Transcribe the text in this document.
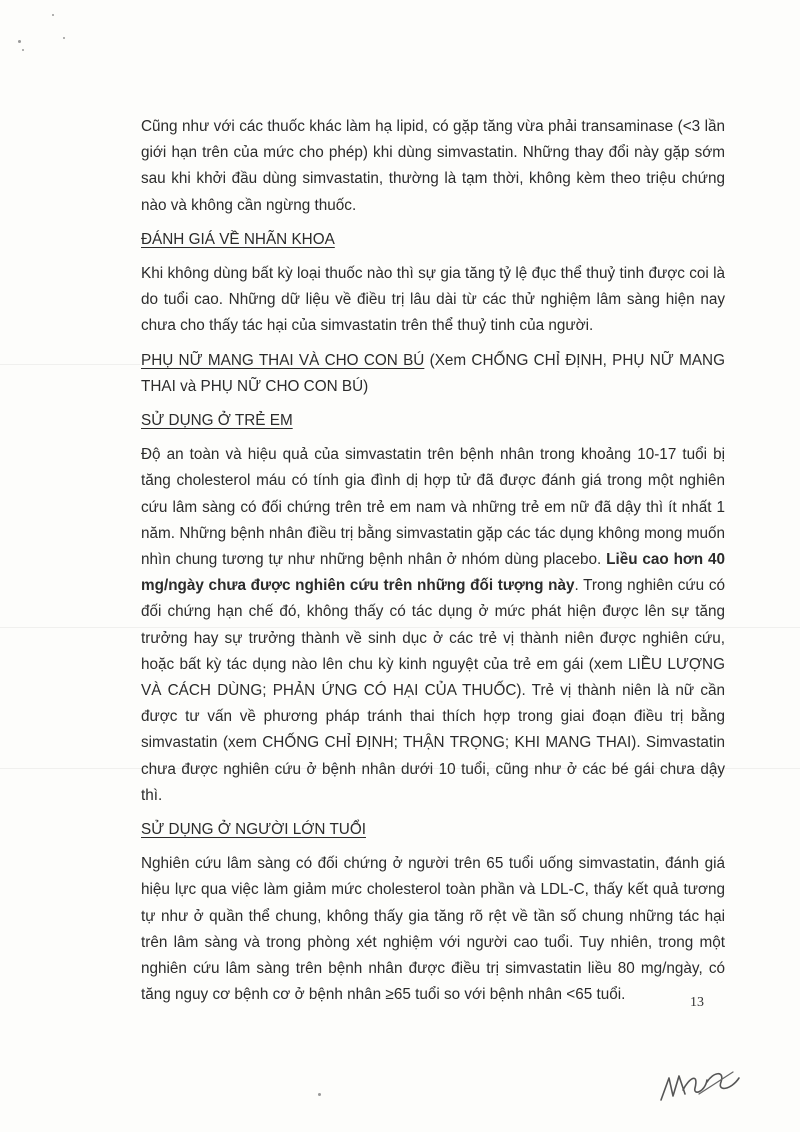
Cũng như với các thuốc khác làm hạ lipid, có gặp tăng vừa phải transaminase (<3 lần giới hạn trên của mức cho phép) khi dùng simvastatin. Những thay đổi này gặp sớm sau khi khởi đầu dùng simvastatin, thường là tạm thời, không kèm theo triệu chứng nào và không cần ngừng thuốc.

ĐÁNH GIÁ VỀ NHÃN KHOA

Khi không dùng bất kỳ loại thuốc nào thì sự gia tăng tỷ lệ đục thể thuỷ tinh được coi là do tuổi cao. Những dữ liệu về điều trị lâu dài từ các thử nghiệm lâm sàng hiện nay chưa cho thấy tác hại của simvastatin trên thể thuỷ tinh của người.

PHỤ NỮ MANG THAI VÀ CHO CON BÚ (Xem CHỐNG CHỈ ĐỊNH, PHỤ NỮ MANG THAI và PHỤ NỮ CHO CON BÚ)

SỬ DỤNG Ở TRẺ EM

Độ an toàn và hiệu quả của simvastatin trên bệnh nhân trong khoảng 10-17 tuổi bị tăng cholesterol máu có tính gia đình dị hợp tử đã được đánh giá trong một nghiên cứu lâm sàng có đối chứng trên trẻ em nam và những trẻ em nữ đã dậy thì ít nhất 1 năm. Những bệnh nhân điều trị bằng simvastatin gặp các tác dụng không mong muốn nhìn chung tương tự như những bệnh nhân ở nhóm dùng placebo. Liều cao hơn 40 mg/ngày chưa được nghiên cứu trên những đối tượng này. Trong nghiên cứu có đối chứng hạn chế đó, không thấy có tác dụng ở mức phát hiện được lên sự tăng trưởng hay sự trưởng thành về sinh dục ở các trẻ vị thành niên được nghiên cứu, hoặc bất kỳ tác dụng nào lên chu kỳ kinh nguyệt của trẻ em gái (xem LIỀU LƯỢNG VÀ CÁCH DÙNG; PHẢN ỨNG CÓ HẠI CỦA THUỐC). Trẻ vị thành niên là nữ cần được tư vấn về phương pháp tránh thai thích hợp trong giai đoạn điều trị bằng simvastatin (xem CHỐNG CHỈ ĐỊNH; THẬN TRỌNG; KHI MANG THAI). Simvastatin chưa được nghiên cứu ở bệnh nhân dưới 10 tuổi, cũng như ở các bé gái chưa dậy thì.

SỬ DỤNG Ở NGƯỜI LỚN TUỔI

Nghiên cứu lâm sàng có đối chứng ở người trên 65 tuổi uống simvastatin, đánh giá hiệu lực qua việc làm giảm mức cholesterol toàn phần và LDL-C, thấy kết quả tương tự như ở quần thể chung, không thấy gia tăng rõ rệt về tần số chung những tác hại trên lâm sàng và trong phòng xét nghiệm với người cao tuổi. Tuy nhiên, trong một nghiên cứu lâm sàng trên bệnh nhân được điều trị simvastatin liều 80 mg/ngày, có tăng nguy cơ bệnh cơ ở bệnh nhân ≥65 tuổi so với bệnh nhân <65 tuổi.	13
